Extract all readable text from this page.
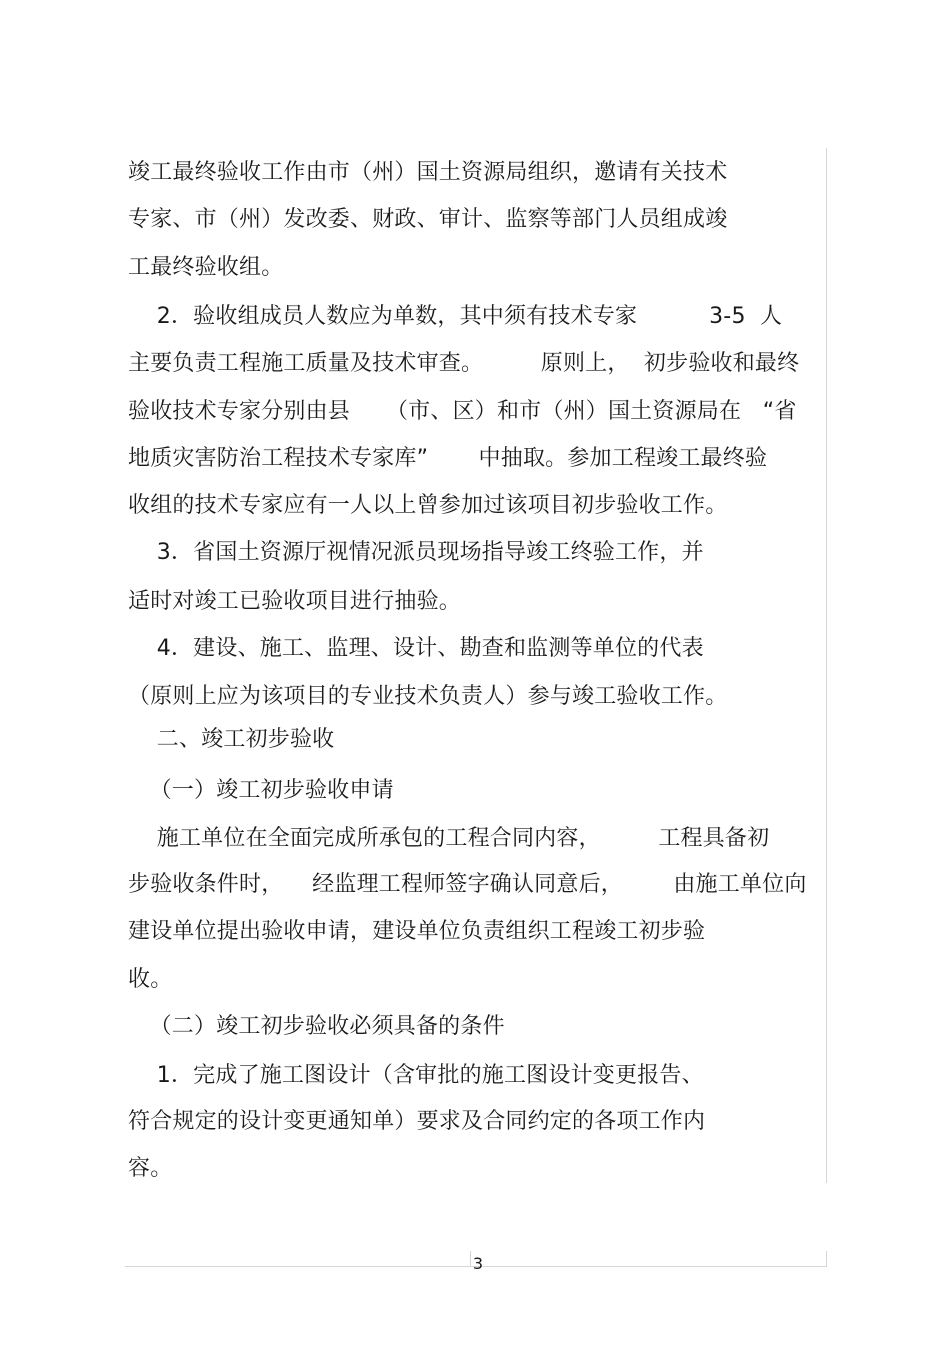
竣工最终验收工作由市（州）国土资源局组织，邀请有关技术
专家、市（州）发改委、财政、审计、监察等部门人员组成竣
工最终验收组。
2．验收组成员人数应为单数，其中须有技术专家          3-5  人
主要负责工程施工质量及技术审查。        原则上，  初步验收和最终
验收技术专家分别由县     （市、区）和市（州）国土资源局在   “省
地质灾害防治工程技术专家库”       中抽取。参加工程竣工最终验
收组的技术专家应有一人以上曾参加过该项目初步验收工作。
3．省国土资源厅视情况派员现场指导竣工终验工作，并
适时对竣工已验收项目进行抽验。
4．建设、施工、监理、设计、勘查和监测等单位的代表
（原则上应为该项目的专业技术负责人）参与竣工验收工作。
二、竣工初步验收
（一）竣工初步验收申请
施工单位在全面完成所承包的工程合同内容，        工程具备初
步验收条件时，    经监理工程师签字确认同意后，       由施工单位向
建设单位提出验收申请，建设单位负责组织工程竣工初步验
收。
（二）竣工初步验收必须具备的条件
1．完成了施工图设计（含审批的施工图设计变更报告、
符合规定的设计变更通知单）要求及合同约定的各项工作内
容。
3
